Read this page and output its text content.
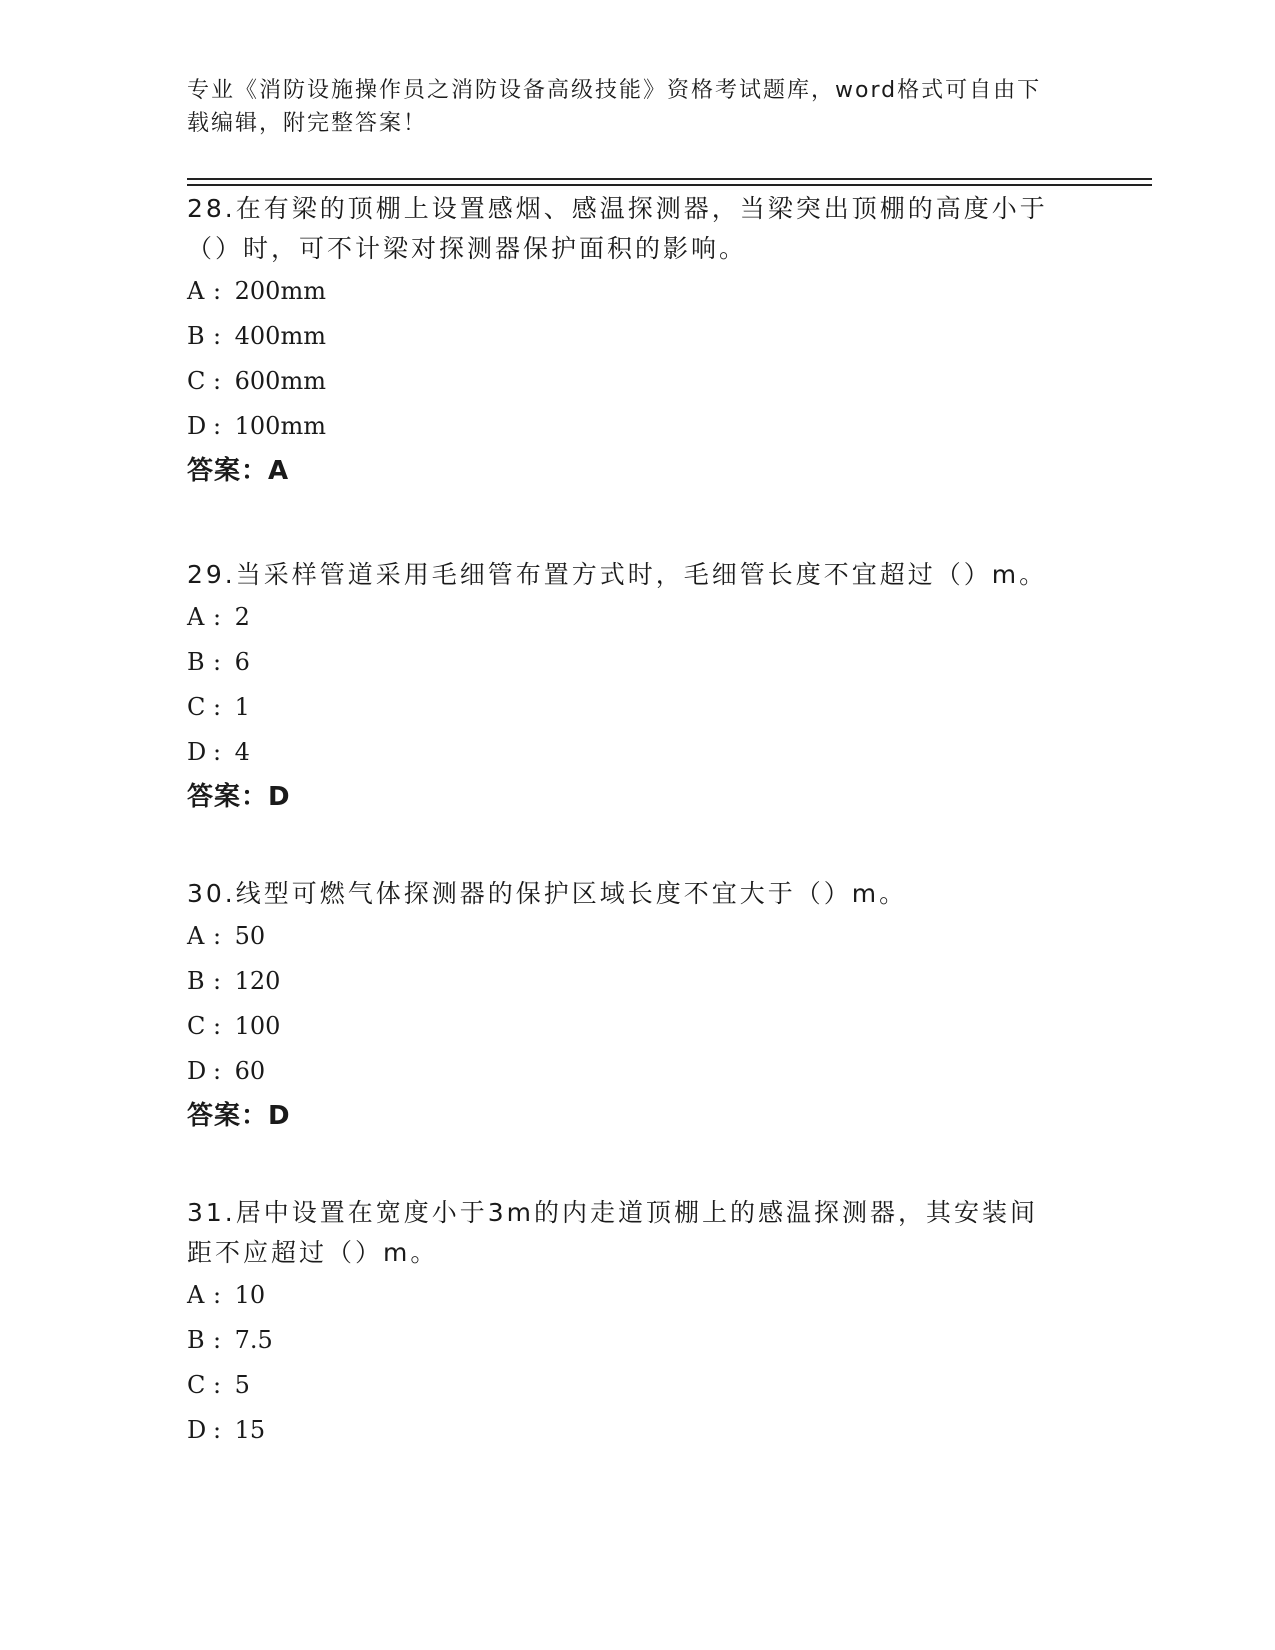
专业《消防设施操作员之消防设备高级技能》资格考试题库，word格式可自由下
载编辑，附完整答案！
28.在有梁的顶棚上设置感烟、感温探测器，当梁突出顶棚的高度小于
（）时，可不计梁对探测器保护面积的影响。
A : 200mm
B : 400mm
C : 600mm
D : 100mm
答案：A
29.当采样管道采用毛细管布置方式时，毛细管长度不宜超过（）m。
A : 2
B : 6
C : 1
D : 4
答案：D
30.线型可燃气体探测器的保护区域长度不宜大于（）m。
A : 50
B : 120
C : 100
D : 60
答案：D
31.居中设置在宽度小于3m的内走道顶棚上的感温探测器，其安装间
距不应超过（）m。
A : 10
B : 7.5
C : 5
D : 15
